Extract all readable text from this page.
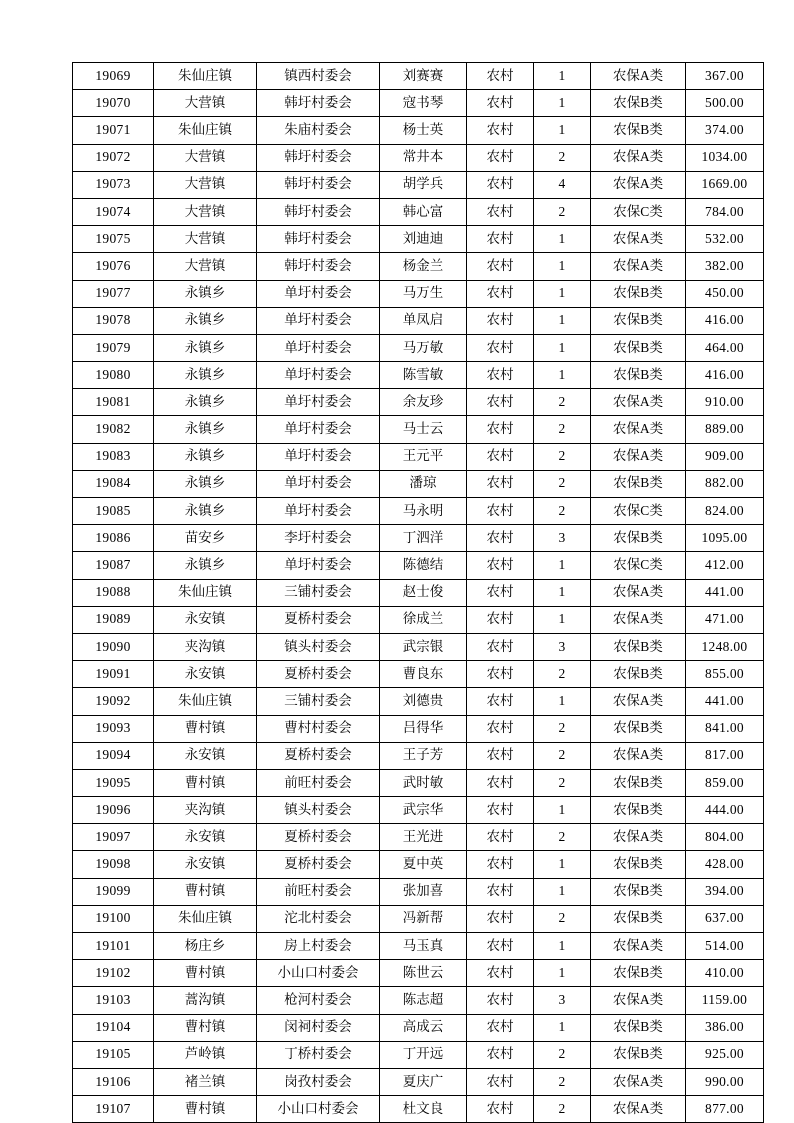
19069	朱仙庄镇	镇西村委会	刘赛赛	农村	1	农保A类	367.00
19070	大营镇	韩圩村委会	寇书琴	农村	1	农保B类	500.00
19071	朱仙庄镇	朱庙村委会	杨士英	农村	1	农保B类	374.00
19072	大营镇	韩圩村委会	常井本	农村	2	农保A类	1034.00
19073	大营镇	韩圩村委会	胡学兵	农村	4	农保A类	1669.00
19074	大营镇	韩圩村委会	韩心富	农村	2	农保C类	784.00
19075	大营镇	韩圩村委会	刘迪迪	农村	1	农保A类	532.00
19076	大营镇	韩圩村委会	杨金兰	农村	1	农保A类	382.00
19077	永镇乡	单圩村委会	马万生	农村	1	农保B类	450.00
19078	永镇乡	单圩村委会	单凤启	农村	1	农保B类	416.00
19079	永镇乡	单圩村委会	马万敏	农村	1	农保B类	464.00
19080	永镇乡	单圩村委会	陈雪敏	农村	1	农保B类	416.00
19081	永镇乡	单圩村委会	余友珍	农村	2	农保A类	910.00
19082	永镇乡	单圩村委会	马士云	农村	2	农保A类	889.00
19083	永镇乡	单圩村委会	王元平	农村	2	农保A类	909.00
19084	永镇乡	单圩村委会	潘琼	农村	2	农保B类	882.00
19085	永镇乡	单圩村委会	马永明	农村	2	农保C类	824.00
19086	苗安乡	李圩村委会	丁泗洋	农村	3	农保B类	1095.00
19087	永镇乡	单圩村委会	陈德结	农村	1	农保C类	412.00
19088	朱仙庄镇	三铺村委会	赵士俊	农村	1	农保A类	441.00
19089	永安镇	夏桥村委会	徐成兰	农村	1	农保A类	471.00
19090	夹沟镇	镇头村委会	武宗银	农村	3	农保B类	1248.00
19091	永安镇	夏桥村委会	曹良东	农村	2	农保B类	855.00
19092	朱仙庄镇	三铺村委会	刘德贵	农村	1	农保A类	441.00
19093	曹村镇	曹村村委会	吕得华	农村	2	农保B类	841.00
19094	永安镇	夏桥村委会	王子芳	农村	2	农保A类	817.00
19095	曹村镇	前旺村委会	武时敏	农村	2	农保B类	859.00
19096	夹沟镇	镇头村委会	武宗华	农村	1	农保B类	444.00
19097	永安镇	夏桥村委会	王光进	农村	2	农保A类	804.00
19098	永安镇	夏桥村委会	夏中英	农村	1	农保B类	428.00
19099	曹村镇	前旺村委会	张加喜	农村	1	农保B类	394.00
19100	朱仙庄镇	沱北村委会	冯新帮	农村	2	农保B类	637.00
19101	杨庄乡	房上村委会	马玉真	农村	1	农保A类	514.00
19102	曹村镇	小山口村委会	陈世云	农村	1	农保B类	410.00
19103	蒿沟镇	枪河村委会	陈志超	农村	3	农保A类	1159.00
19104	曹村镇	闵祠村委会	高成云	农村	1	农保B类	386.00
19105	芦岭镇	丁桥村委会	丁开远	农村	2	农保B类	925.00
19106	褚兰镇	岗孜村委会	夏庆广	农村	2	农保A类	990.00
19107	曹村镇	小山口村委会	杜文良	农村	2	农保A类	877.00
